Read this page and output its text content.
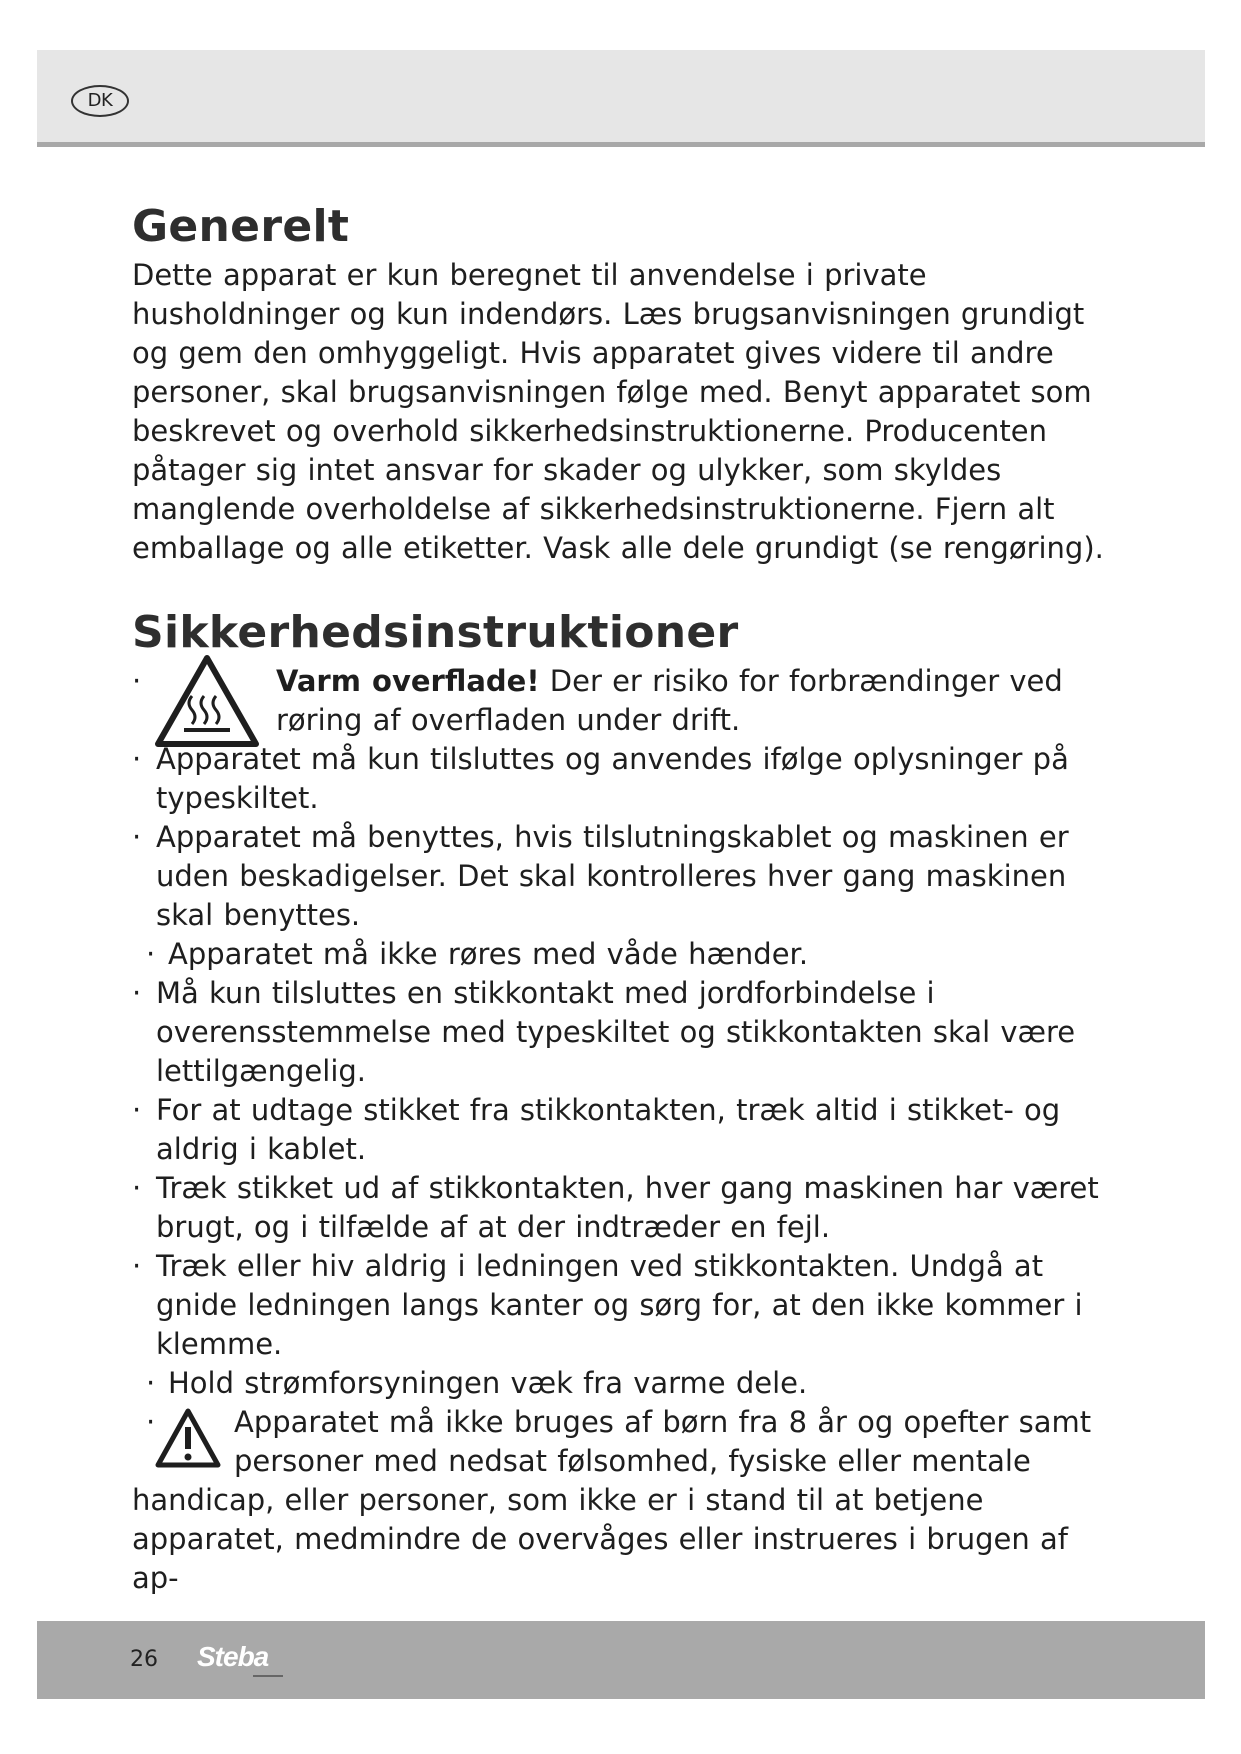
DK
Generelt

Dette apparat er kun beregnet til anvendelse i private husholdninger og kun indendørs. Læs brugsanvisningen grundigt og gem den omhyggeligt. Hvis apparatet gives videre til andre personer, skal brugsanvisningen følge med. Benyt apparatet som beskrevet og overhold sikkerhedsinstruktionerne. Producenten påtager sig intet ansvar for skader og ulykker, som skyldes manglende overholdelse af sikkerhedsinstruktionerne. Fjern alt emballage og alle etiketter. Vask alle dele grundigt (se rengøring).

Sikkerhedsinstruktioner
· Varm overflade! Der er risiko for forbrændinger ved røring af overfladen under drift.
· Apparatet må kun tilsluttes og anvendes ifølge oplysninger på typeskiltet.
· Apparatet må benyttes, hvis tilslutningskablet og maskinen er uden beskadigelser. Det skal kontrolleres hver gang maskinen skal benyttes.
· Apparatet må ikke røres med våde hænder.
· Må kun tilsluttes en stikkontakt med jordforbindelse i overensstemmelse med typeskiltet og stikkontakten skal være lettilgængelig.
· For at udtage stikket fra stikkontakten, træk altid i stikket- og aldrig i kablet.
· Træk stikket ud af stikkontakten, hver gang maskinen har været brugt, og i tilfælde af at der indtræder en fejl.
· Træk eller hiv aldrig i ledningen ved stikkontakten. Undgå at gnide ledningen langs kanter og sørg for, at den ikke kommer i klemme.
· Hold strømforsyningen væk fra varme dele.
· Apparatet må ikke bruges af børn fra 8 år og opefter samt personer med nedsat følsomhed, fysiske eller mentale handicap, eller personer, som ikke er i stand til at betjene apparatet, medmindre de overvåges eller instrueres i brugen af ap-
26 Steba
